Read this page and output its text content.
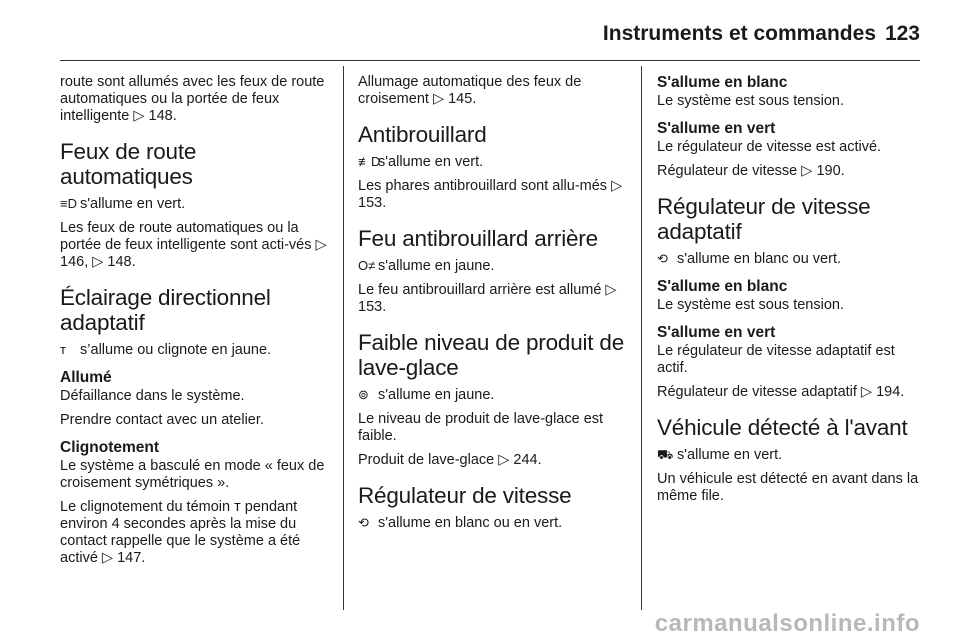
Instruments et commandes 123

route sont allumés avec les feux de route automatiques ou la portée de feux intelligente ▷ 148.

Feux de route automatiques

≡D s'allume en vert.

Les feux de route automatiques ou la portée de feux intelligente sont acti-vés ▷ 146, ▷ 148.

Éclairage directionnel adaptatif

ᴛ s’allume ou clignote en jaune.

Allumé

Défaillance dans le système.

Prendre contact avec un atelier.

Clignotement

Le système a basculé en mode « feux de croisement symétriques ».

Le clignotement du témoin ᴛ pendant environ 4 secondes après la mise du contact rappelle que le système a été activé ▷ 147.

Allumage automatique des feux de croisement ▷ 145.

Antibrouillard

≢D s'allume en vert.

Les phares antibrouillard sont allu-més ▷ 153.

Feu antibrouillard arrière

O≠ s'allume en jaune.

Le feu antibrouillard arrière est allumé ▷ 153.

Faible niveau de produit de lave-glace

⊚ s'allume en jaune.

Le niveau de produit de lave-glace est faible.

Produit de lave-glace ▷ 244.

Régulateur de vitesse

⟲ s'allume en blanc ou en vert.

S'allume en blanc

Le système est sous tension.

S'allume en vert

Le régulateur de vitesse est activé.

Régulateur de vitesse ▷ 190.

Régulateur de vitesse adaptatif

⟲ s'allume en blanc ou vert.

S'allume en blanc

Le système est sous tension.

S'allume en vert

Le régulateur de vitesse adaptatif est actif.

Régulateur de vitesse adaptatif ▷ 194.

Véhicule détecté à l'avant

⛟ s'allume en vert.

Un véhicule est détecté en avant dans la même file.

carmanualsonline.info
